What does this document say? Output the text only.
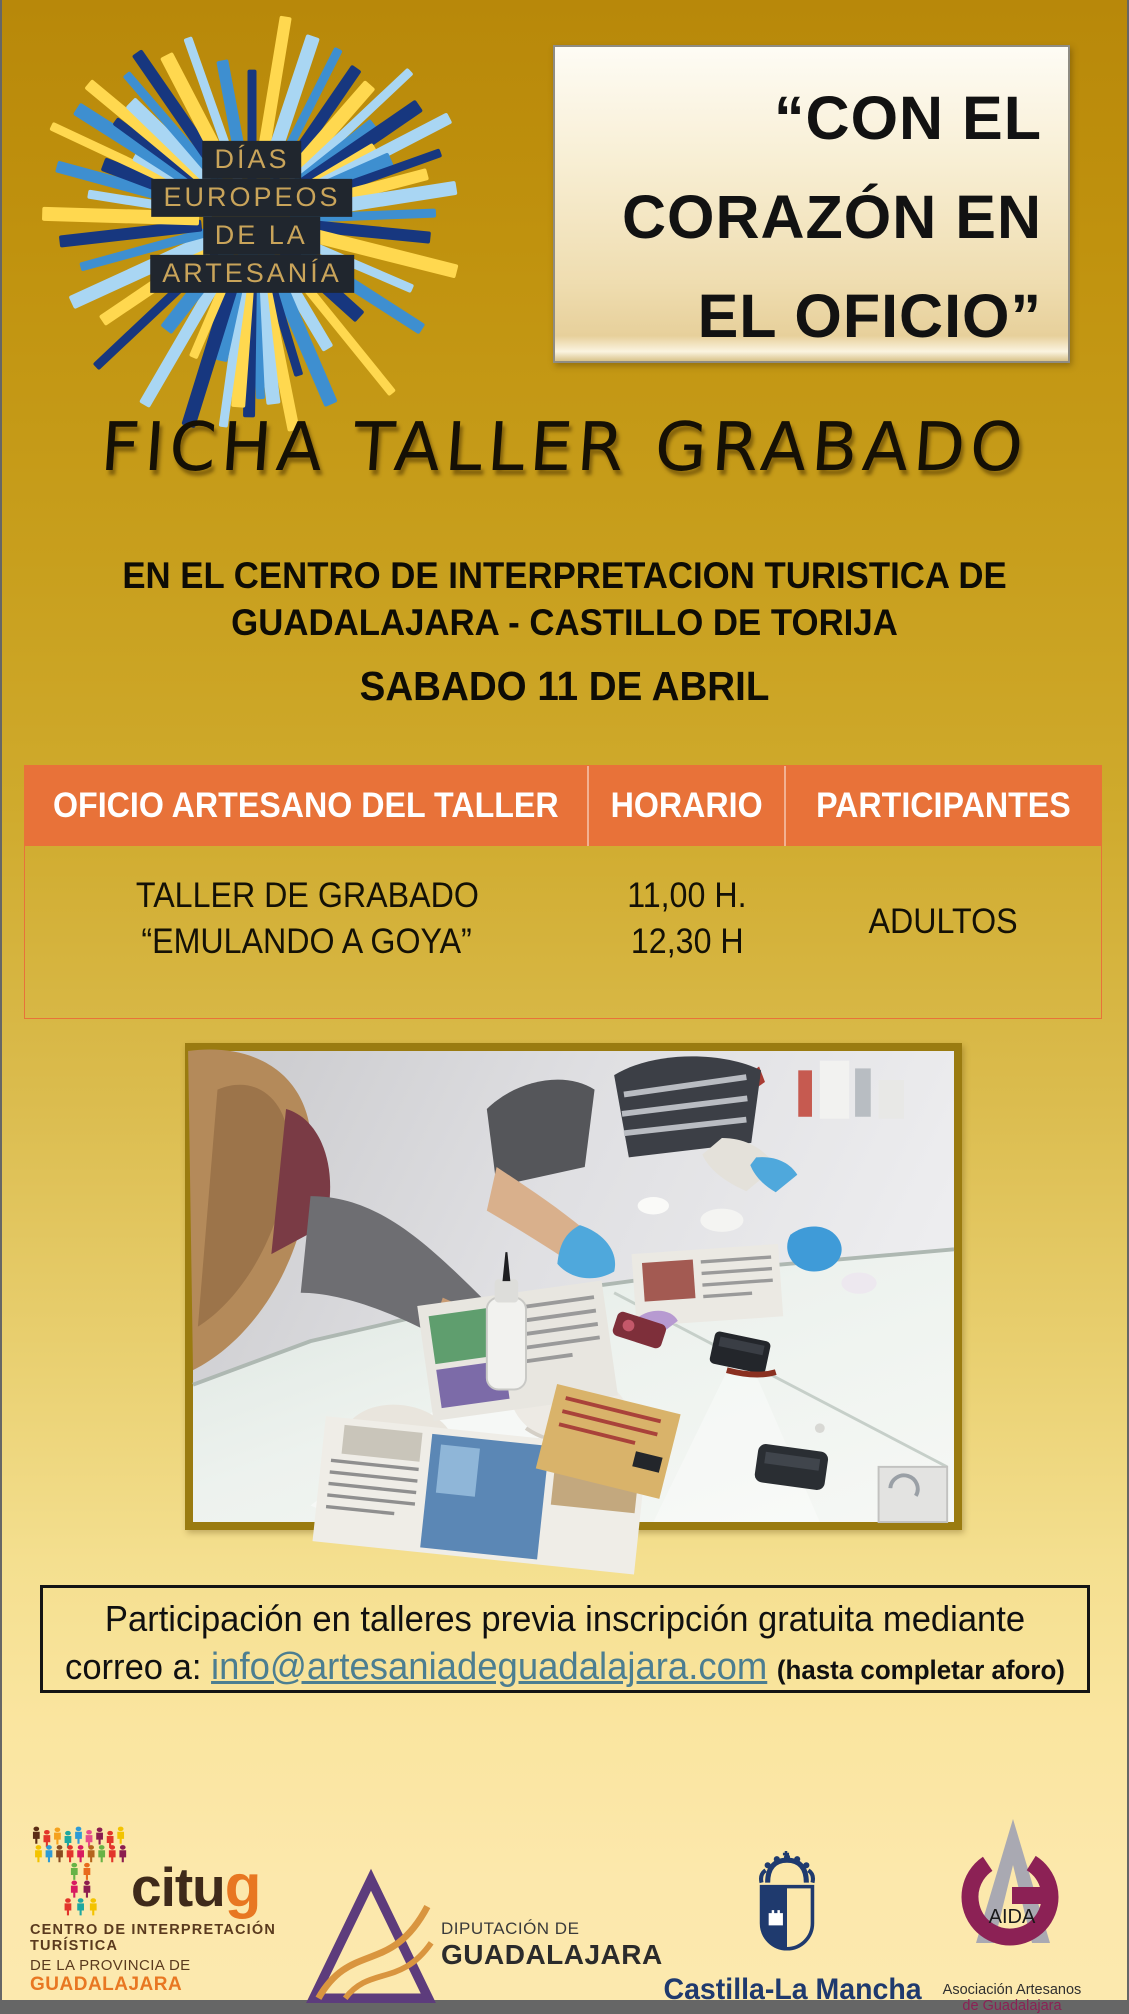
DÍAS
EUROPEOS
DE LA
ARTESANÍA
“CON EL
CORAZÓN EN
EL OFICIO”
FICHA TALLER GRABADO
EN EL CENTRO DE INTERPRETACION TURISTICA DE
GUADALAJARA - CASTILLO DE TORIJA
SABADO 11 DE ABRIL
OFICIO ARTESANO DEL TALLER HORARIO PARTICIPANTES
TALLER DE GRABADO
“EMULANDO A GOYA”
11,00 H.
12,30 H
ADULTOS
Participación en talleres previa inscripción gratuita mediante
correo a: info@artesaniadeguadalajara.com (hasta completar aforo)
citug
CENTRO DE INTERPRETACIÓN TURÍSTICA
DE LA PROVINCIA DE GUADALAJARA
DIPUTACIÓN DE
GUADALAJARA
Castilla-La Mancha
AIDA
Asociación Artesanos
de Guadalajara
